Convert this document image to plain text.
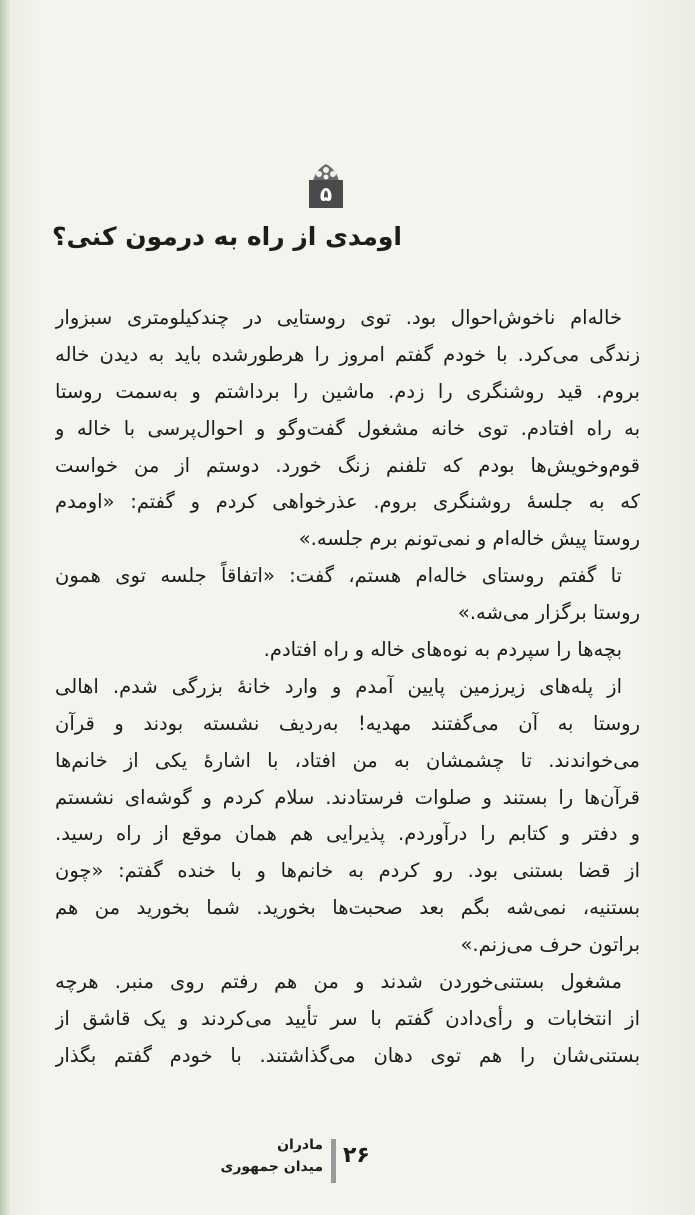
۵
اومدی از راه به درمون کنی؟
خاله‌ام ناخوش‌احوال بود. توی روستایی در چندکیلومتری سبزوار
زندگی می‌کرد. با خودم گفتم امروز را هرطورشده باید به دیدن خاله
بروم. قید روشنگری را زدم. ماشین را برداشتم و به‌سمت روستا
به راه افتادم. توی خانه مشغول گفت‌وگو و احوال‌پرسی با خاله و
قوم‌وخویش‌ها بودم که تلفنم زنگ خورد. دوستم از من خواست
که به جلسهٔ روشنگری بروم. عذرخواهی کردم و گفتم: «اومدم
روستا پیش خاله‌ام و نمی‌تونم برم جلسه.»
تا گفتم روستای خاله‌ام هستم، گفت: «اتفاقاً جلسه توی همون
روستا برگزار می‌شه.»
بچه‌ها را سپردم به نوه‌های خاله و راه افتادم.
از پله‌های زیرزمین پایین آمدم و وارد خانهٔ بزرگی شدم. اهالی
روستا به آن می‌گفتند مهدیه! به‌ردیف نشسته بودند و قرآن
می‌خواندند. تا چشمشان به من افتاد، با اشارهٔ یکی از خانم‌ها
قرآن‌ها را بستند و صلوات فرستادند. سلام کردم و گوشه‌ای نشستم
و دفتر و کتابم را درآوردم. پذیرایی هم همان موقع از راه رسید.
از قضا بستنی بود. رو کردم به خانم‌ها و با خنده گفتم: «چون
بستنیه، نمی‌شه بگم بعد صحبت‌ها بخورید. شما بخورید من هم
براتون حرف می‌زنم.»
مشغول بستنی‌خوردن شدند و من هم رفتم روی منبر. هرچه
از انتخابات و رأی‌دادن گفتم با سر تأیید می‌کردند و یک قاشق از
بستنی‌شان را هم توی دهان می‌گذاشتند. با خودم گفتم بگذار
۲۶
مادران
میدان جمهوری
